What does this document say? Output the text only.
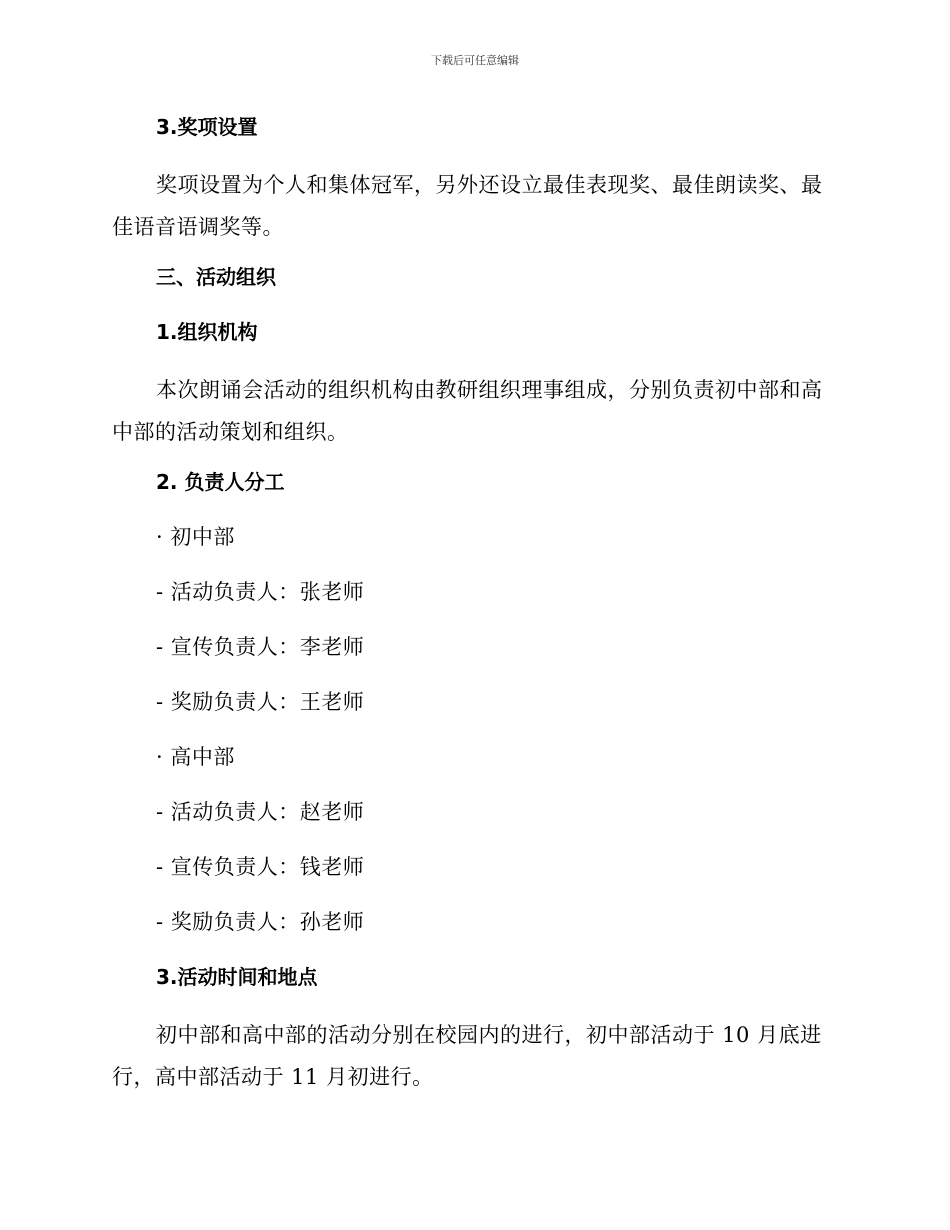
下载后可任意编辑
3.奖项设置
奖项设置为个人和集体冠军，另外还设立最佳表现奖、最佳朗读奖、最佳语音语调奖等。
三、活动组织
1.组织机构
本次朗诵会活动的组织机构由教研组织理事组成，分别负责初中部和高中部的活动策划和组织。
2. 负责人分工
· 初中部
- 活动负责人：张老师
- 宣传负责人：李老师
- 奖励负责人：王老师
· 高中部
- 活动负责人：赵老师
- 宣传负责人：钱老师
- 奖励负责人：孙老师
3.活动时间和地点
初中部和高中部的活动分别在校园内的进行，初中部活动于 10 月底进行，高中部活动于 11 月初进行。
